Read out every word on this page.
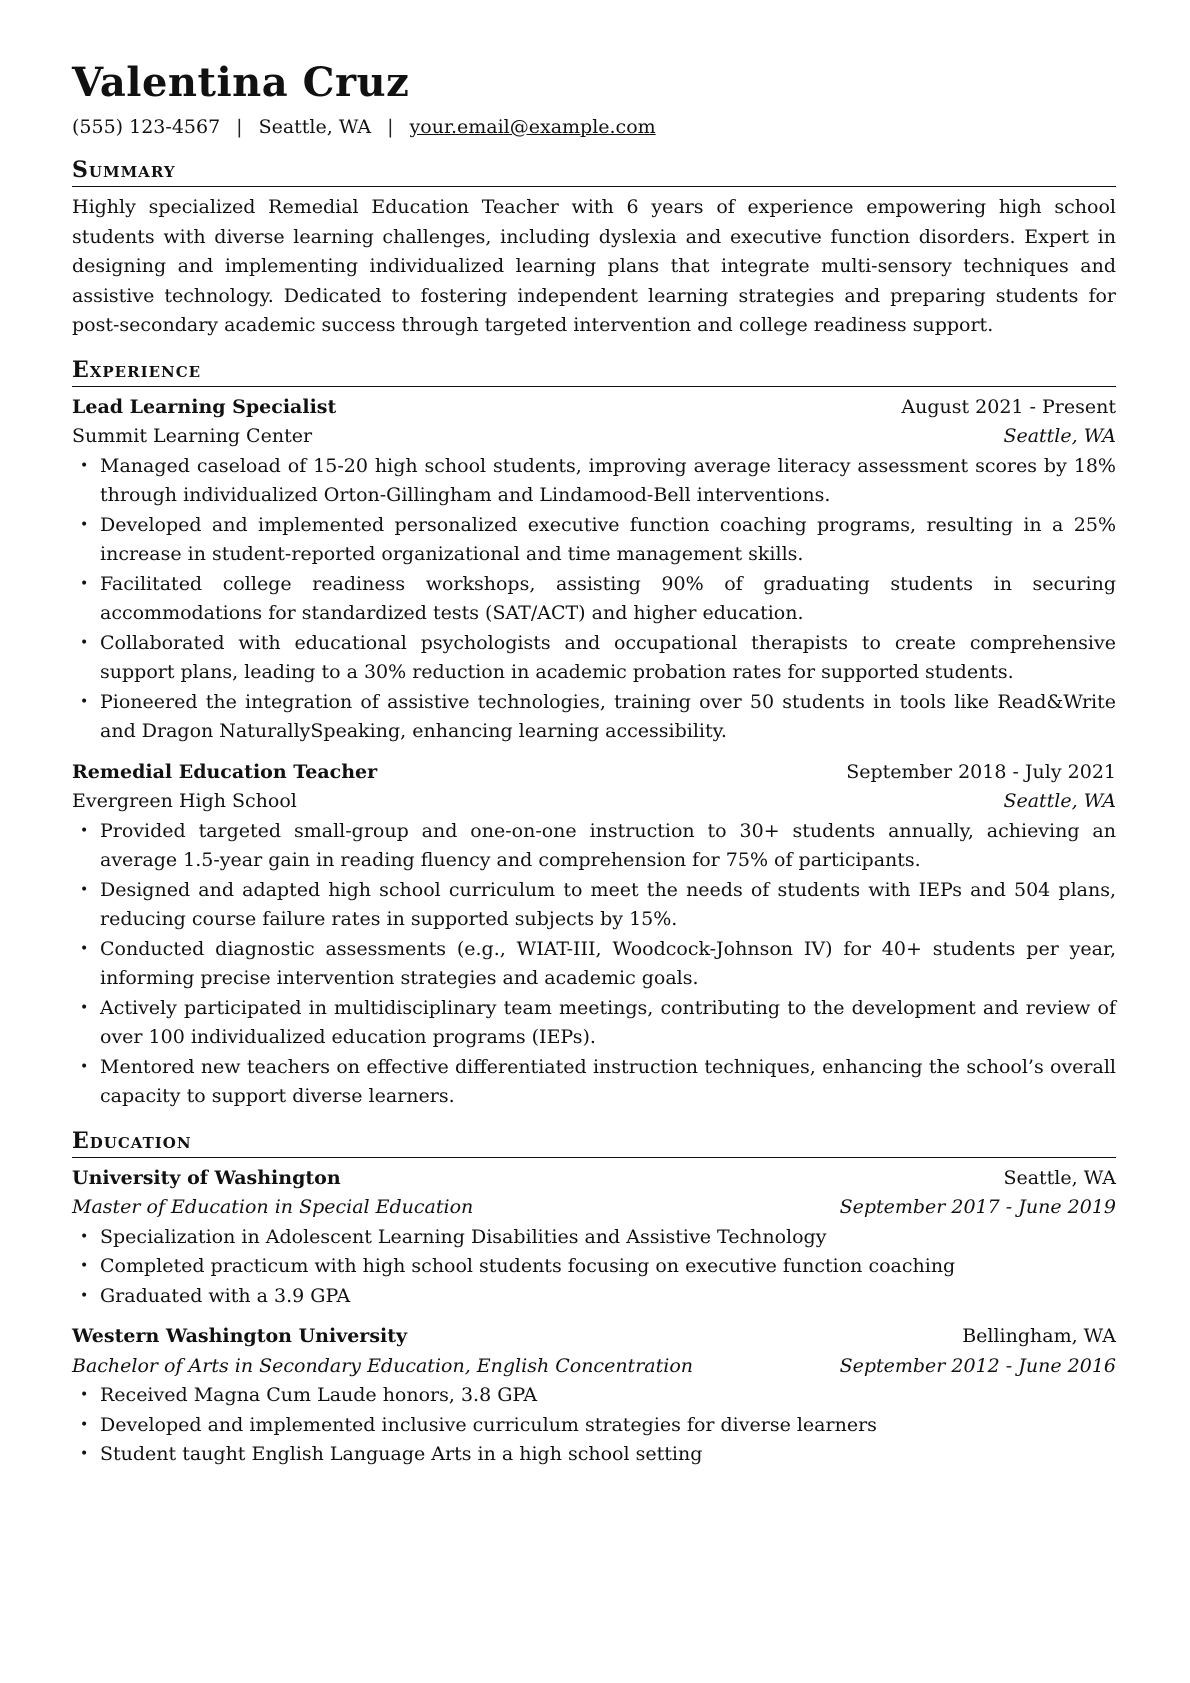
Valentina Cruz
(555) 123-4567 | Seattle, WA | your.email@example.com
Summary

Highly specialized Remedial Education Teacher with 6 years of experience empowering high school students with diverse learning challenges, including dyslexia and executive function disorders. Expert in designing and implementing individualized learning plans that integrate multi-sensory techniques and assistive technology. Dedicated to fostering independent learning strategies and preparing students for post-secondary academic success through targeted intervention and college readiness support.

Experience
Lead Learning Specialist	August 2021 - Present
Summit Learning Center	Seattle, WA
• Managed caseload of 15-20 high school students, improving average literacy assessment scores by 18% through individualized Orton-Gillingham and Lindamood-Bell interventions.
• Developed and implemented personalized executive function coaching programs, resulting in a 25% increase in student-reported organizational and time management skills.
• Facilitated college readiness workshops, assisting 90% of graduating students in securing accommodations for standardized tests (SAT/ACT) and higher education.
• Collaborated with educational psychologists and occupational therapists to create comprehensive support plans, leading to a 30% reduction in academic probation rates for supported students.
• Pioneered the integration of assistive technologies, training over 50 students in tools like Read&Write and Dragon NaturallySpeaking, enhancing learning accessibility.
Remedial Education Teacher	September 2018 - July 2021
Evergreen High School	Seattle, WA
• Provided targeted small-group and one-on-one instruction to 30+ students annually, achieving an average 1.5-year gain in reading fluency and comprehension for 75% of participants.
• Designed and adapted high school curriculum to meet the needs of students with IEPs and 504 plans, reducing course failure rates in supported subjects by 15%.
• Conducted diagnostic assessments (e.g., WIAT-III, Woodcock-Johnson IV) for 40+ students per year, informing precise intervention strategies and academic goals.
• Actively participated in multidisciplinary team meetings, contributing to the development and review of over 100 individualized education programs (IEPs).
• Mentored new teachers on effective differentiated instruction techniques, enhancing the school’s overall capacity to support diverse learners.
Education
University of Washington	Seattle, WA
Master of Education in Special Education	September 2017 - June 2019
• Specialization in Adolescent Learning Disabilities and Assistive Technology
• Completed practicum with high school students focusing on executive function coaching
• Graduated with a 3.9 GPA
Western Washington University	Bellingham, WA
Bachelor of Arts in Secondary Education, English Concentration	September 2012 - June 2016
• Received Magna Cum Laude honors, 3.8 GPA
• Developed and implemented inclusive curriculum strategies for diverse learners
• Student taught English Language Arts in a high school setting
